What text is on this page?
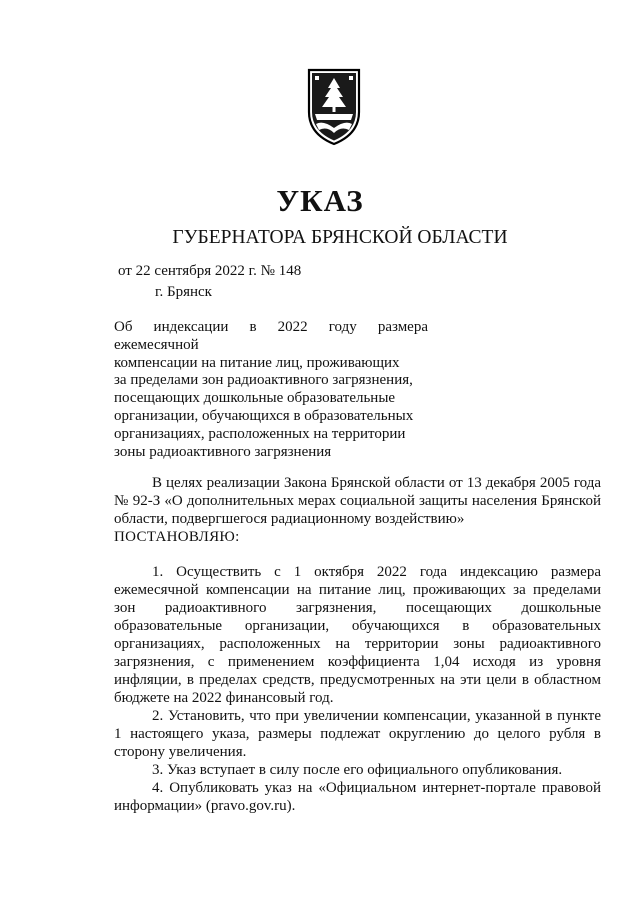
УКАЗ
ГУБЕРНАТОРА БРЯНСКОЙ ОБЛАСТИ
от 22 сентября 2022 г. № 148
г. Брянск
Об индексации в 2022 году размера ежемесячной
компенсации на питание лиц, проживающих
за пределами зон радиоактивного загрязнения,
посещающих дошкольные образовательные
организации, обучающихся в образовательных
организациях, расположенных на территории
зоны радиоактивного загрязнения

В целях реализации Закона Брянской области от 13 декабря 2005 года № 92-З «О дополнительных мерах социальной защиты населения Брянской области, подвергшегося радиационному воздействию»

ПОСТАНОВЛЯЮ:

1. Осуществить с 1 октября 2022 года индексацию размера ежемесячной компенсации на питание лиц, проживающих за пределами зон радиоактивного загрязнения, посещающих дошкольные образовательные организации, обучающихся в образовательных организациях, расположенных на территории зоны радиоактивного загрязнения, с применением коэффициента 1,04 исходя из уровня инфляции, в пределах средств, предусмотренных на эти цели в областном бюджете на 2022 финансовый год.

2. Установить, что при увеличении компенсации, указанной в пункте 1 настоящего указа, размеры подлежат округлению до целого рубля в сторону увеличения.

3. Указ вступает в силу после его официального опубликования.

4. Опубликовать указ на «Официальном интернет-портале правовой информации» (pravo.gov.ru).
